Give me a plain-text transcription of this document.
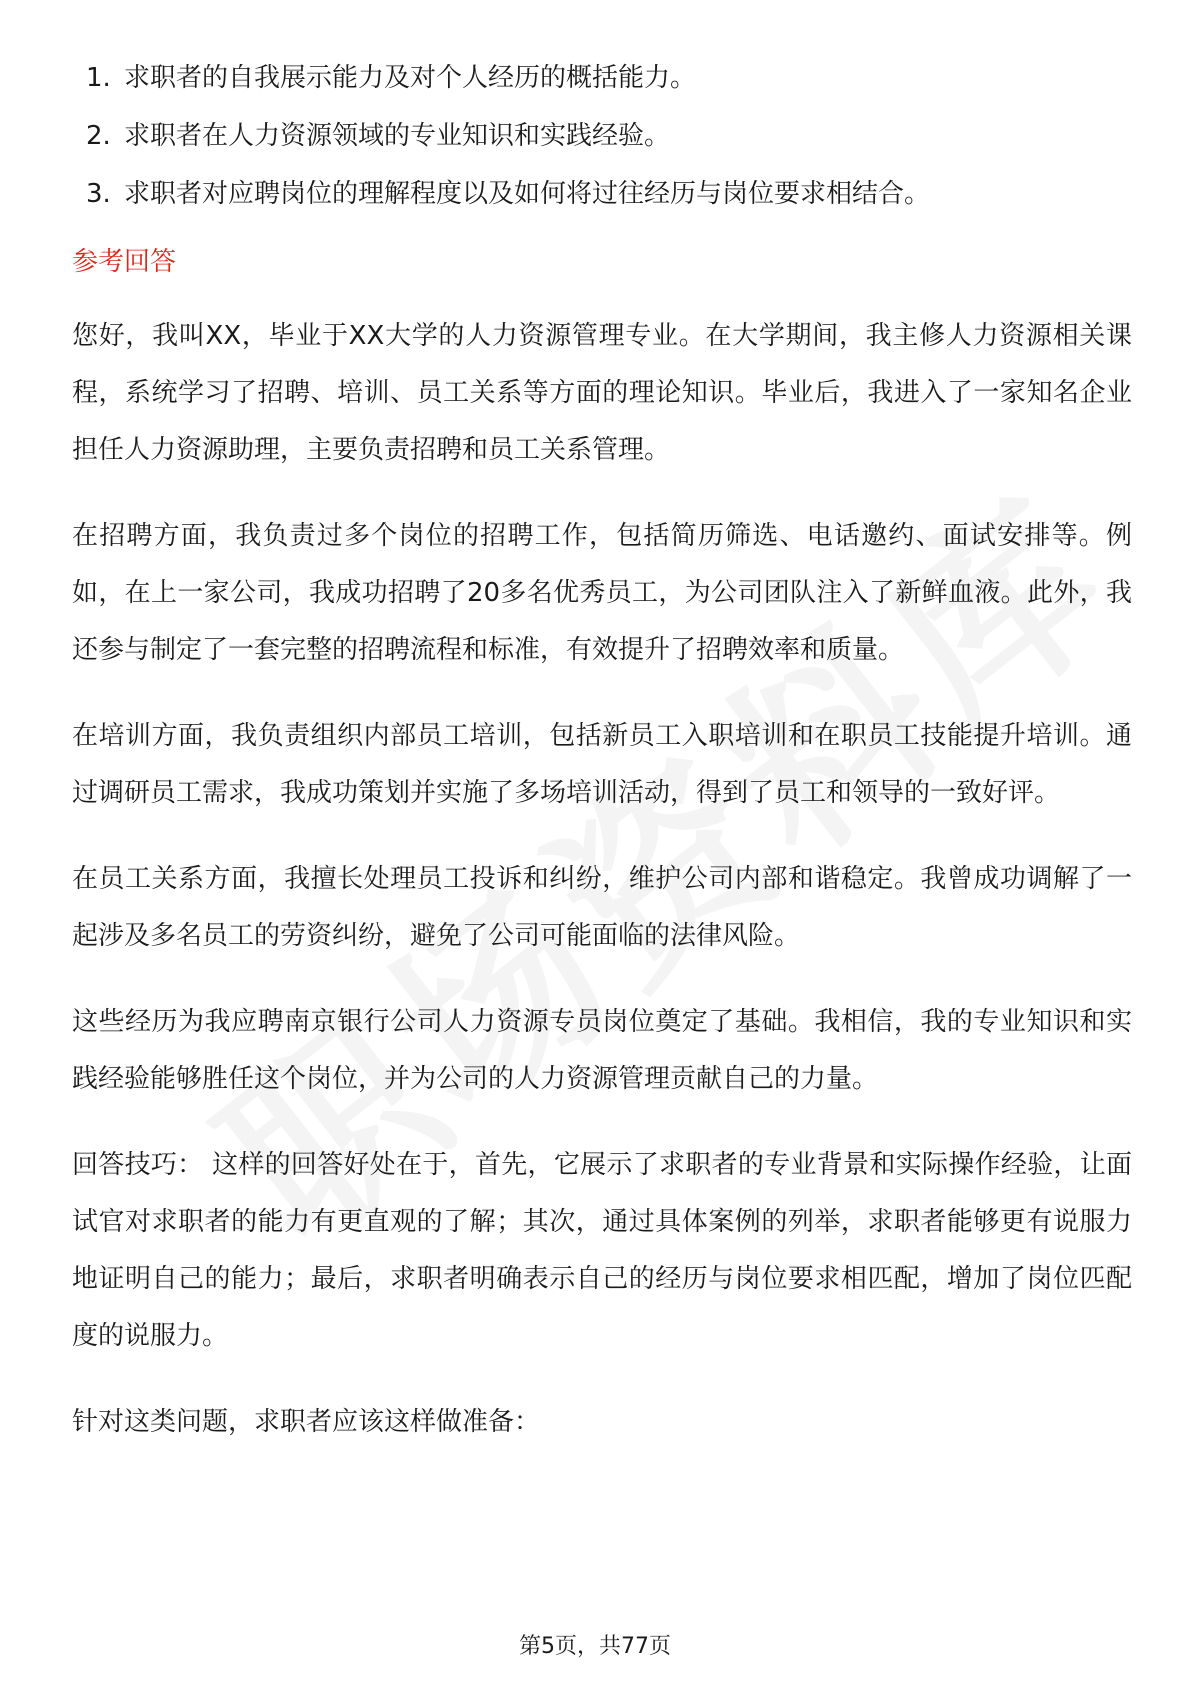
1. 求职者的自我展示能力及对个人经历的概括能力。
2. 求职者在人力资源领域的专业知识和实践经验。
3. 求职者对应聘岗位的理解程度以及如何将过往经历与岗位要求相结合。
参考回答

您好，我叫XX，毕业于XX大学的人力资源管理专业。在大学期间，我主修人力资源相关课程，系统学习了招聘、培训、员工关系等方面的理论知识。毕业后，我进入了一家知名企业担任人力资源助理，主要负责招聘和员工关系管理。

在招聘方面，我负责过多个岗位的招聘工作，包括简历筛选、电话邀约、面试安排等。例如，在上一家公司，我成功招聘了20多名优秀员工，为公司团队注入了新鲜血液。此外，我还参与制定了一套完整的招聘流程和标准，有效提升了招聘效率和质量。

在培训方面，我负责组织内部员工培训，包括新员工入职培训和在职员工技能提升培训。通过调研员工需求，我成功策划并实施了多场培训活动，得到了员工和领导的一致好评。

在员工关系方面，我擅长处理员工投诉和纠纷，维护公司内部和谐稳定。我曾成功调解了一起涉及多名员工的劳资纠纷，避免了公司可能面临的法律风险。

这些经历为我应聘南京银行公司人力资源专员岗位奠定了基础。我相信，我的专业知识和实践经验能够胜任这个岗位，并为公司的人力资源管理贡献自己的力量。

回答技巧： 这样的回答好处在于，首先，它展示了求职者的专业背景和实际操作经验，让面试官对求职者的能力有更直观的了解；其次，通过具体案例的列举，求职者能够更有说服力地证明自己的能力；最后，求职者明确表示自己的经历与岗位要求相匹配，增加了岗位匹配度的说服力。

针对这类问题，求职者应该这样做准备：

第5页，共77页
